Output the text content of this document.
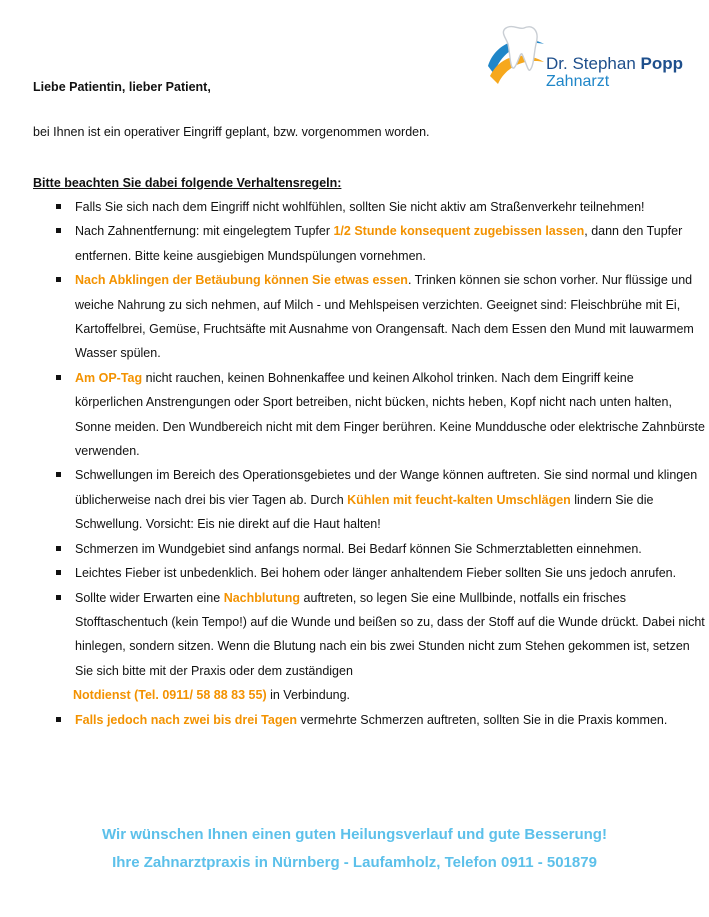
Dr. Stephan Popp
Zahnarzt
Liebe Patientin, lieber Patient,
bei Ihnen ist ein operativer Eingriff geplant, bzw. vorgenommen worden.
Bitte beachten Sie dabei folgende Verhaltensregeln:
Falls Sie sich nach dem Eingriff nicht wohlfühlen, sollten Sie nicht aktiv am Straßenverkehr teilnehmen!
Nach Zahnentfernung: mit eingelegtem Tupfer 1/2 Stunde konsequent zugebissen lassen, dann den Tupfer entfernen. Bitte keine ausgiebigen Mundspülungen vornehmen.
Nach Abklingen der Betäubung können Sie etwas essen. Trinken können sie schon vorher. Nur flüssige und weiche Nahrung zu sich nehmen, auf Milch - und Mehlspeisen verzichten. Geeignet sind: Fleischbrühe mit Ei, Kartoffelbrei, Gemüse, Fruchtsäfte mit Ausnahme von Orangensaft. Nach dem Essen den Mund mit lauwarmem Wasser spülen.
Am OP-Tag nicht rauchen, keinen Bohnenkaffee und keinen Alkohol trinken. Nach dem Eingriff keine körperlichen Anstrengungen oder Sport betreiben, nicht bücken, nichts heben, Kopf nicht nach unten halten, Sonne meiden. Den Wundbereich nicht mit dem Finger berühren. Keine Munddusche oder elektrische Zahnbürste verwenden.
Schwellungen im Bereich des Operationsgebietes und der Wange können auftreten. Sie sind normal und klingen üblicherweise nach drei bis vier Tagen ab. Durch Kühlen mit feucht-kalten Umschlägen lindern Sie die Schwellung. Vorsicht: Eis nie direkt auf die Haut halten!
Schmerzen im Wundgebiet sind anfangs normal. Bei Bedarf können Sie Schmerztabletten einnehmen.
Leichtes Fieber ist unbedenklich. Bei hohem oder länger anhaltendem Fieber sollten Sie uns jedoch anrufen.
Sollte wider Erwarten eine Nachblutung auftreten, so legen Sie eine Mullbinde, notfalls ein frisches Stofftaschentuch (kein Tempo!) auf die Wunde und beißen so zu, dass der Stoff auf die Wunde drückt. Dabei nicht hinlegen, sondern sitzen. Wenn die Blutung nach ein bis zwei Stunden nicht zum Stehen gekommen ist, setzen Sie sich bitte mit der Praxis oder dem zuständigen
Notdienst (Tel. 0911/ 58 88 83 55) in Verbindung.
Falls jedoch nach zwei bis drei Tagen vermehrte Schmerzen auftreten, sollten Sie in die Praxis kommen.
Wir wünschen Ihnen einen guten Heilungsverlauf und gute Besserung!
Ihre Zahnarztpraxis in Nürnberg - Laufamholz, Telefon 0911 - 501879
